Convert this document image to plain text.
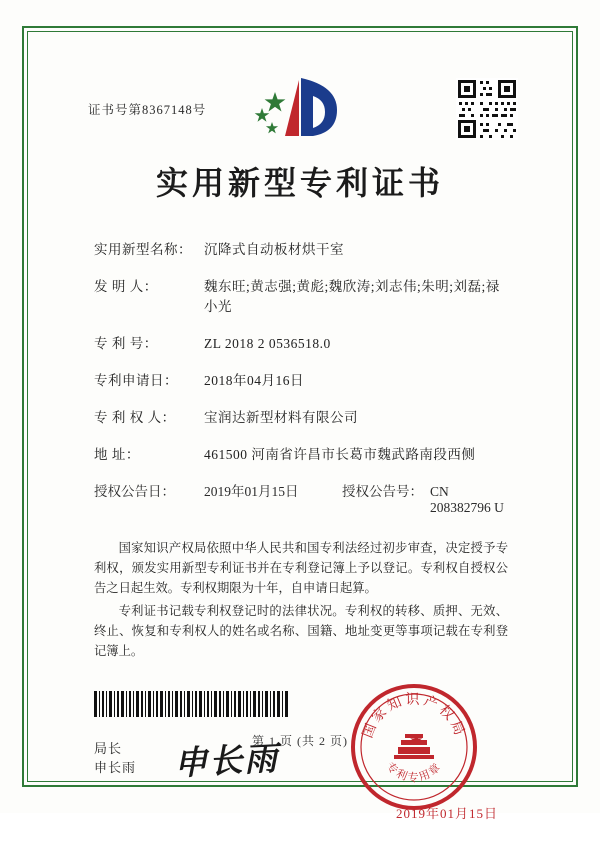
证书号第8367148号
实用新型专利证书
实用新型名称： 沉降式自动板材烘干室
发 明 人：	魏东旺;黄志强;黄彪;魏欣涛;刘志伟;朱明;刘磊;禄小光
专 利 号：	ZL 2018 2 0536518.0
专利申请日：	2018年04月16日
专 利 权 人：	宝润达新型材料有限公司
地 址：	461500 河南省许昌市长葛市魏武路南段西侧
授权公告日：	2019年01月15日	授权公告号： CN 208382796 U

国家知识产权局依照中华人民共和国专利法经过初步审查，决定授予专利权，颁发实用新型专利证书并在专利登记簿上予以登记。专利权自授权公告之日起生效。专利权期限为十年，自申请日起算。

专利证书记载专利权登记时的法律状况。专利权的转移、质押、无效、终止、恢复和专利权人的姓名或名称、国籍、地址变更等事项记载在专利登记簿上。

局长
申长雨 申长雨
国家知识产权局
专利专用章
2019年01月15日
第 1 页 (共 2 页)
